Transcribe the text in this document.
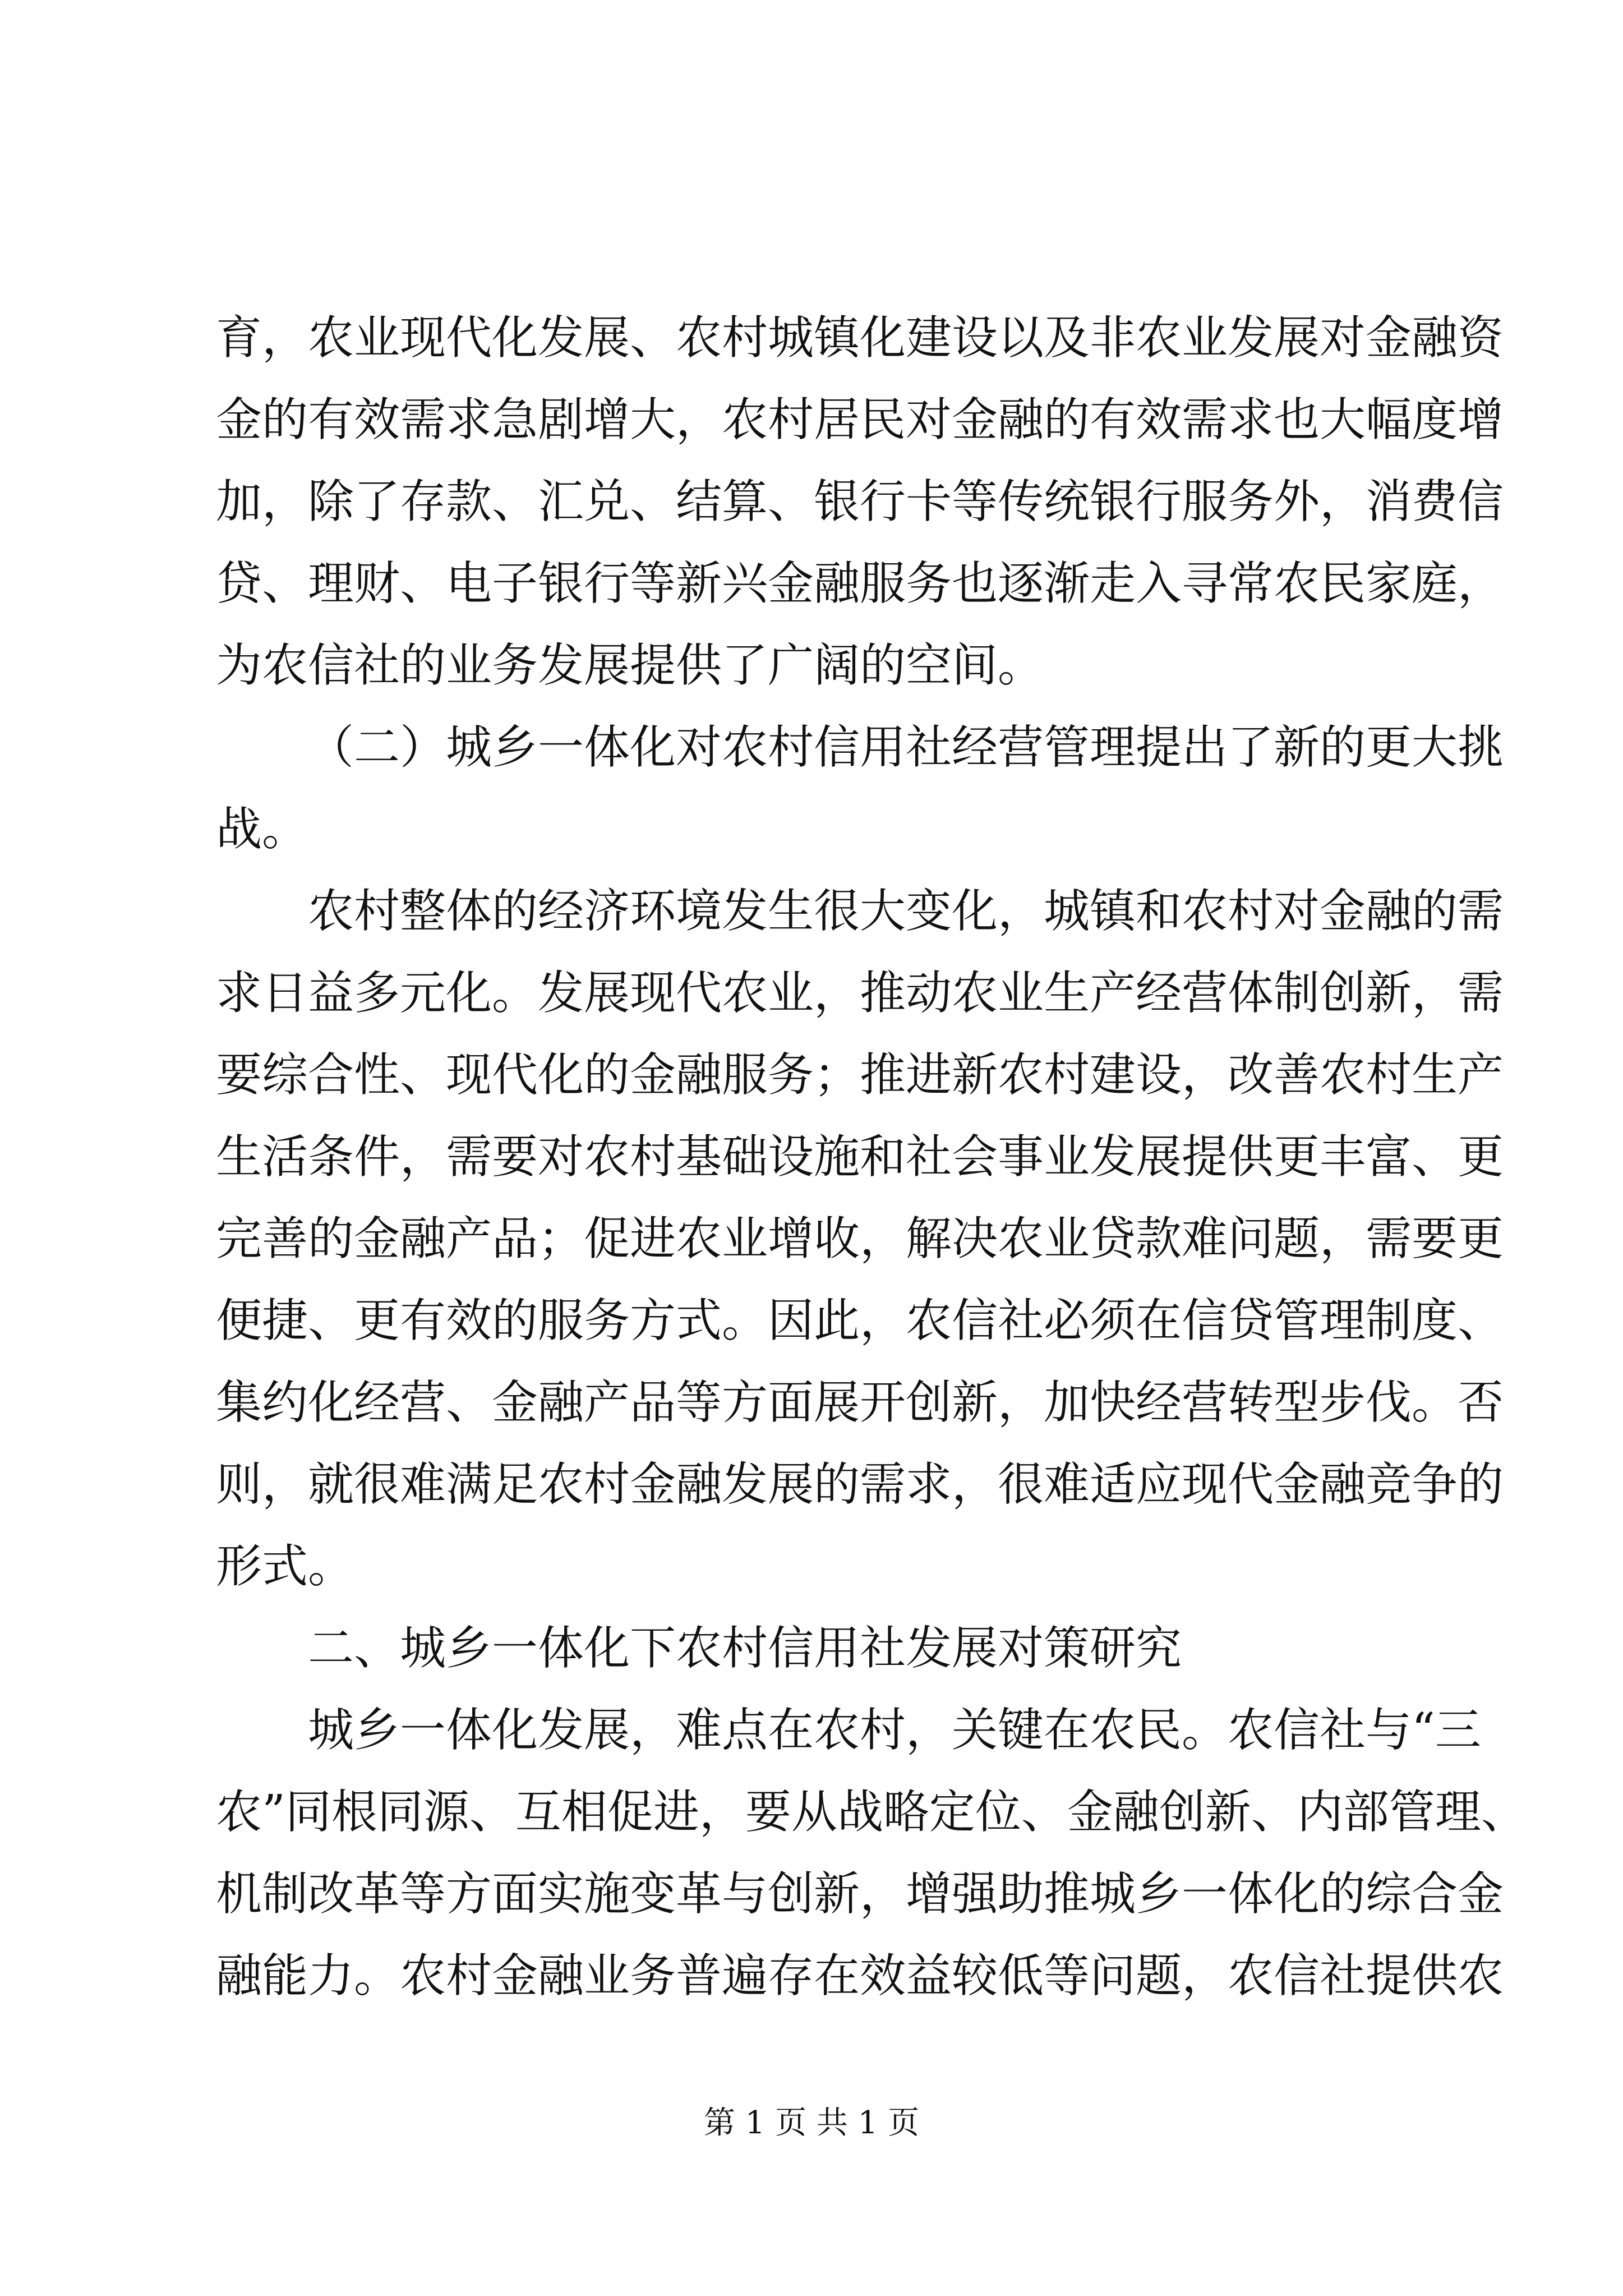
育，农业现代化发展、农村城镇化建设以及非农业发展对金融资
金的有效需求急剧增大，农村居民对金融的有效需求也大幅度增
加，除了存款、汇兑、结算、银行卡等传统银行服务外，消费信
贷、理财、电子银行等新兴金融服务也逐渐走入寻常农民家庭，
为农信社的业务发展提供了广阔的空间。
（二）城乡一体化对农村信用社经营管理提出了新的更大挑
战。
农村整体的经济环境发生很大变化，城镇和农村对金融的需
求日益多元化。发展现代农业，推动农业生产经营体制创新，需
要综合性、现代化的金融服务；推进新农村建设，改善农村生产
生活条件，需要对农村基础设施和社会事业发展提供更丰富、更
完善的金融产品；促进农业增收，解决农业贷款难问题，需要更
便捷、更有效的服务方式。因此，农信社必须在信贷管理制度、
集约化经营、金融产品等方面展开创新，加快经营转型步伐。否
则，就很难满足农村金融发展的需求，很难适应现代金融竞争的
形式。
二、城乡一体化下农村信用社发展对策研究
城乡一体化发展，难点在农村，关键在农民。农信社与“三
农”同根同源、互相促进，要从战略定位、金融创新、内部管理、
机制改革等方面实施变革与创新，增强助推城乡一体化的综合金
融能力。农村金融业务普遍存在效益较低等问题，农信社提供农
第 1 页 共 1 页
